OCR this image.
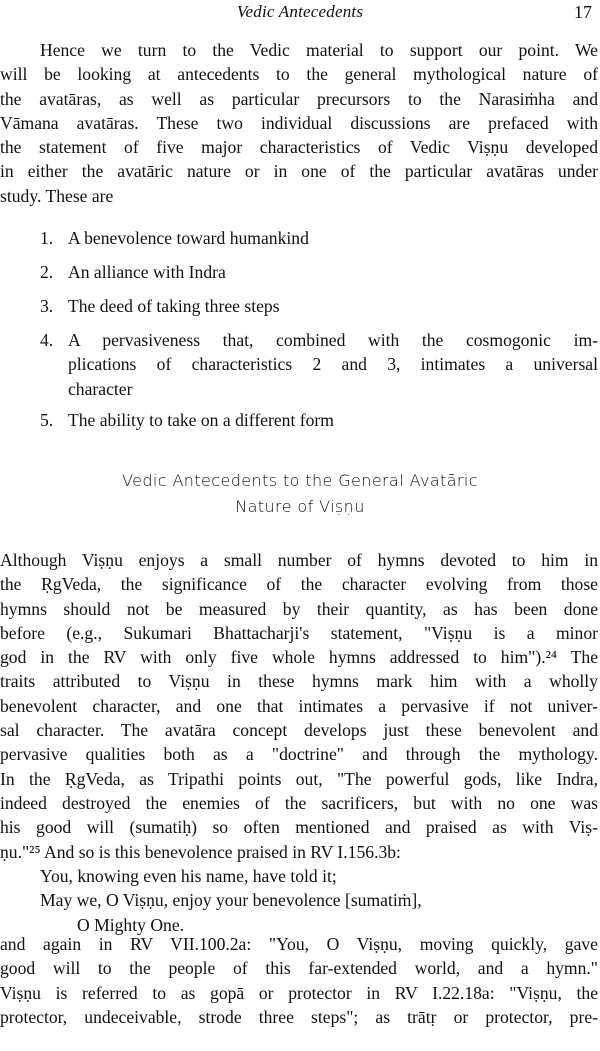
Vedic Antecedents	17
Hence we turn to the Vedic material to support our point. We
will be looking at antecedents to the general mythological nature of
the avatāras, as well as particular precursors to the Narasiṁha and
Vāmana avatāras. These two individual discussions are prefaced with
the statement of five major characteristics of Vedic Viṣṇu developed
in either the avatāric nature or in one of the particular avatāras under
study. These are
1. A benevolence toward humankind
2. An alliance with Indra
3. The deed of taking three steps
4. A pervasiveness that, combined with the cosmogonic im-
plications of characteristics 2 and 3, intimates a universal
character
5. The ability to take on a different form
Vedic Antecedents to the General Avatāric
Nature of Viṣṇu
Although Viṣṇu enjoys a small number of hymns devoted to him in
the ṚgVeda, the significance of the character evolving from those
hymns should not be measured by their quantity, as has been done
before (e.g., Sukumari Bhattacharji's statement, "Viṣṇu is a minor
god in the RV with only five whole hymns addressed to him").²⁴ The
traits attributed to Viṣṇu in these hymns mark him with a wholly
benevolent character, and one that intimates a pervasive if not univer-
sal character. The avatāra concept develops just these benevolent and
pervasive qualities both as a "doctrine" and through the mythology.
In the ṚgVeda, as Tripathi points out, "The powerful gods, like Indra,
indeed destroyed the enemies of the sacrificers, but with no one was
his good will (sumatiḥ) so often mentioned and praised as with Viṣ-
ṇu."²⁵ And so is this benevolence praised in RV I.156.3b:
You, knowing even his name, have told it;
May we, O Viṣṇu, enjoy your benevolence [sumatiṁ],
O Mighty One.
and again in RV VII.100.2a: "You, O Viṣṇu, moving quickly, gave
good will to the people of this far-extended world, and a hymn."
Viṣṇu is referred to as gopā or protector in RV I.22.18a: "Viṣṇu, the
protector, undeceivable, strode three steps"; as trātṛ or protector, pre-
